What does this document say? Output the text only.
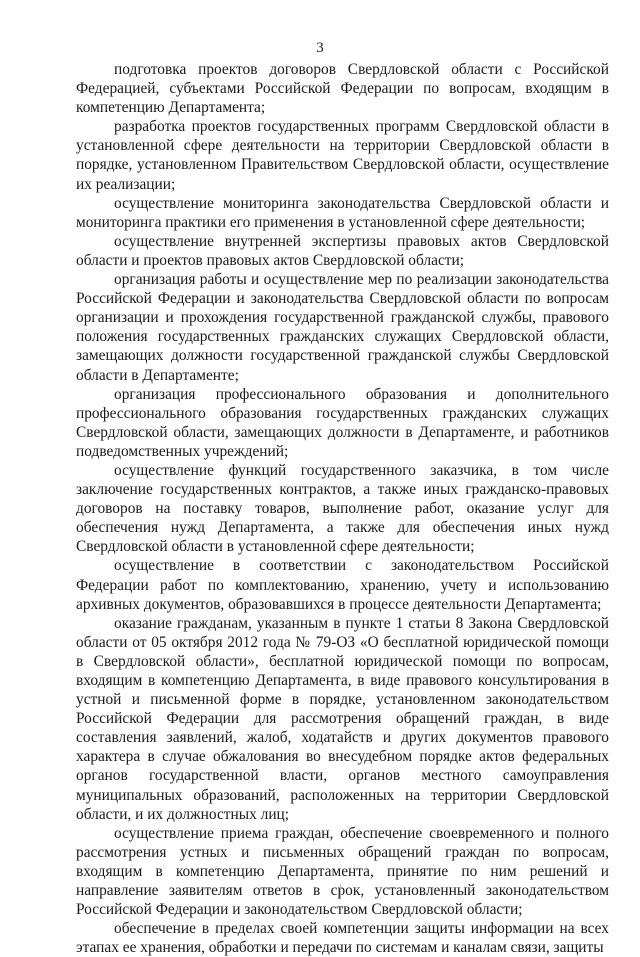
3

подготовка проектов договоров Свердловской области с Российской Федерацией, субъектами Российской Федерации по вопросам, входящим в компетенцию Департамента;

разработка проектов государственных программ Свердловской области в установленной сфере деятельности на территории Свердловской области в порядке, установленном Правительством Свердловской области, осуществление их реализации;

осуществление мониторинга законодательства Свердловской области и мониторинга практики его применения в установленной сфере деятельности;

осуществление внутренней экспертизы правовых актов Свердловской области и проектов правовых актов Свердловской области;

организация работы и осуществление мер по реализации законодательства Российской Федерации и законодательства Свердловской области по вопросам организации и прохождения государственной гражданской службы, правового положения государственных гражданских служащих Свердловской области, замещающих должности государственной гражданской службы Свердловской области в Департаменте;

организация профессионального образования и дополнительного профессионального образования государственных гражданских служащих Свердловской области, замещающих должности в Департаменте, и работников подведомственных учреждений;

осуществление функций государственного заказчика, в том числе заключение государственных контрактов, а также иных гражданско-правовых договоров на поставку товаров, выполнение работ, оказание услуг для обеспечения нужд Департамента, а также для обеспечения иных нужд Свердловской области в установленной сфере деятельности;

осуществление в соответствии с законодательством Российской Федерации работ по комплектованию, хранению, учету и использованию архивных документов, образовавшихся в процессе деятельности Департамента;

оказание гражданам, указанным в пункте 1 статьи 8 Закона Свердловской области от 05 октября 2012 года № 79-ОЗ «О бесплатной юридической помощи в Свердловской области», бесплатной юридической помощи по вопросам, входящим в компетенцию Департамента, в виде правового консультирования в устной и письменной форме в порядке, установленном законодательством Российской Федерации для рассмотрения обращений граждан, в виде составления заявлений, жалоб, ходатайств и других документов правового характера в случае обжалования во внесудебном порядке актов федеральных органов государственной власти, органов местного самоуправления муниципальных образований, расположенных на территории Свердловской области, и их должностных лиц;

осуществление приема граждан, обеспечение своевременного и полного рассмотрения устных и письменных обращений граждан по вопросам, входящим в компетенцию Департамента, принятие по ним решений и направление заявителям ответов в срок, установленный законодательством Российской Федерации и законодательством Свердловской области;

обеспечение в пределах своей компетенции защиты информации на всех этапах ее хранения, обработки и передачи по системам и каналам связи, защиты
